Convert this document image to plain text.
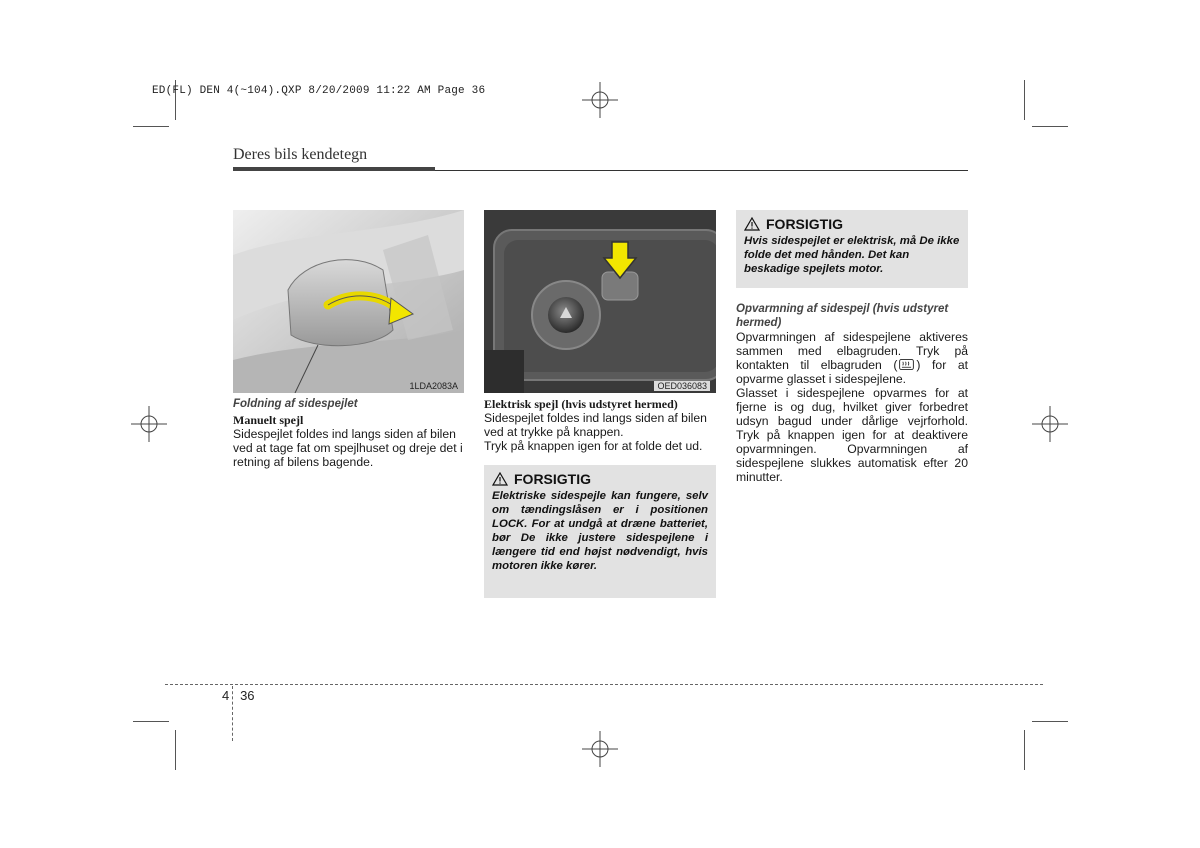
ED(FL) DEN 4(~104).QXP 8/20/2009 11:22 AM Page 36
Deres bils kendetegn
1LDA2083A	OED036083
Foldning af sidespejlet
Manuelt spejl

Sidespejlet foldes ind langs siden af bilen ved at tage fat om spejlhuset og dreje det i retning af bilens bagende.

Elektrisk spejl (hvis udstyret hermed)

Sidespejlet foldes ind langs siden af bilen ved at trykke på knappen.

Tryk på knappen igen for at folde det ud.

FORSIGTIG
Elektriske sidespejle kan fungere, selv om tændingslåsen er i positionen LOCK. For at undgå at dræne batteriet, bør De ikke justere sidespejlene i længere tid end højst nødvendigt, hvis motoren ikke kører.
FORSIGTIG
Hvis sidespejlet er elektrisk, må De ikke folde det med hånden. Det kan beskadige spejlets motor.
Opvarmning af sidespejl (hvis udstyret hermed)

Opvarmningen af sidespejlene aktiveres sammen med elbagruden. Tryk på kontakten til elbagruden ( ) for at opvarme glasset i sidespejlene.

Glasset i sidespejlene opvarmes for at fjerne is og dug, hvilket giver forbedret udsyn bagud under dårlige vejrforhold. Tryk på knappen igen for at deaktivere opvarmningen. Opvarmningen af sidespejlene slukkes automatisk efter 20 minutter.

4 36
